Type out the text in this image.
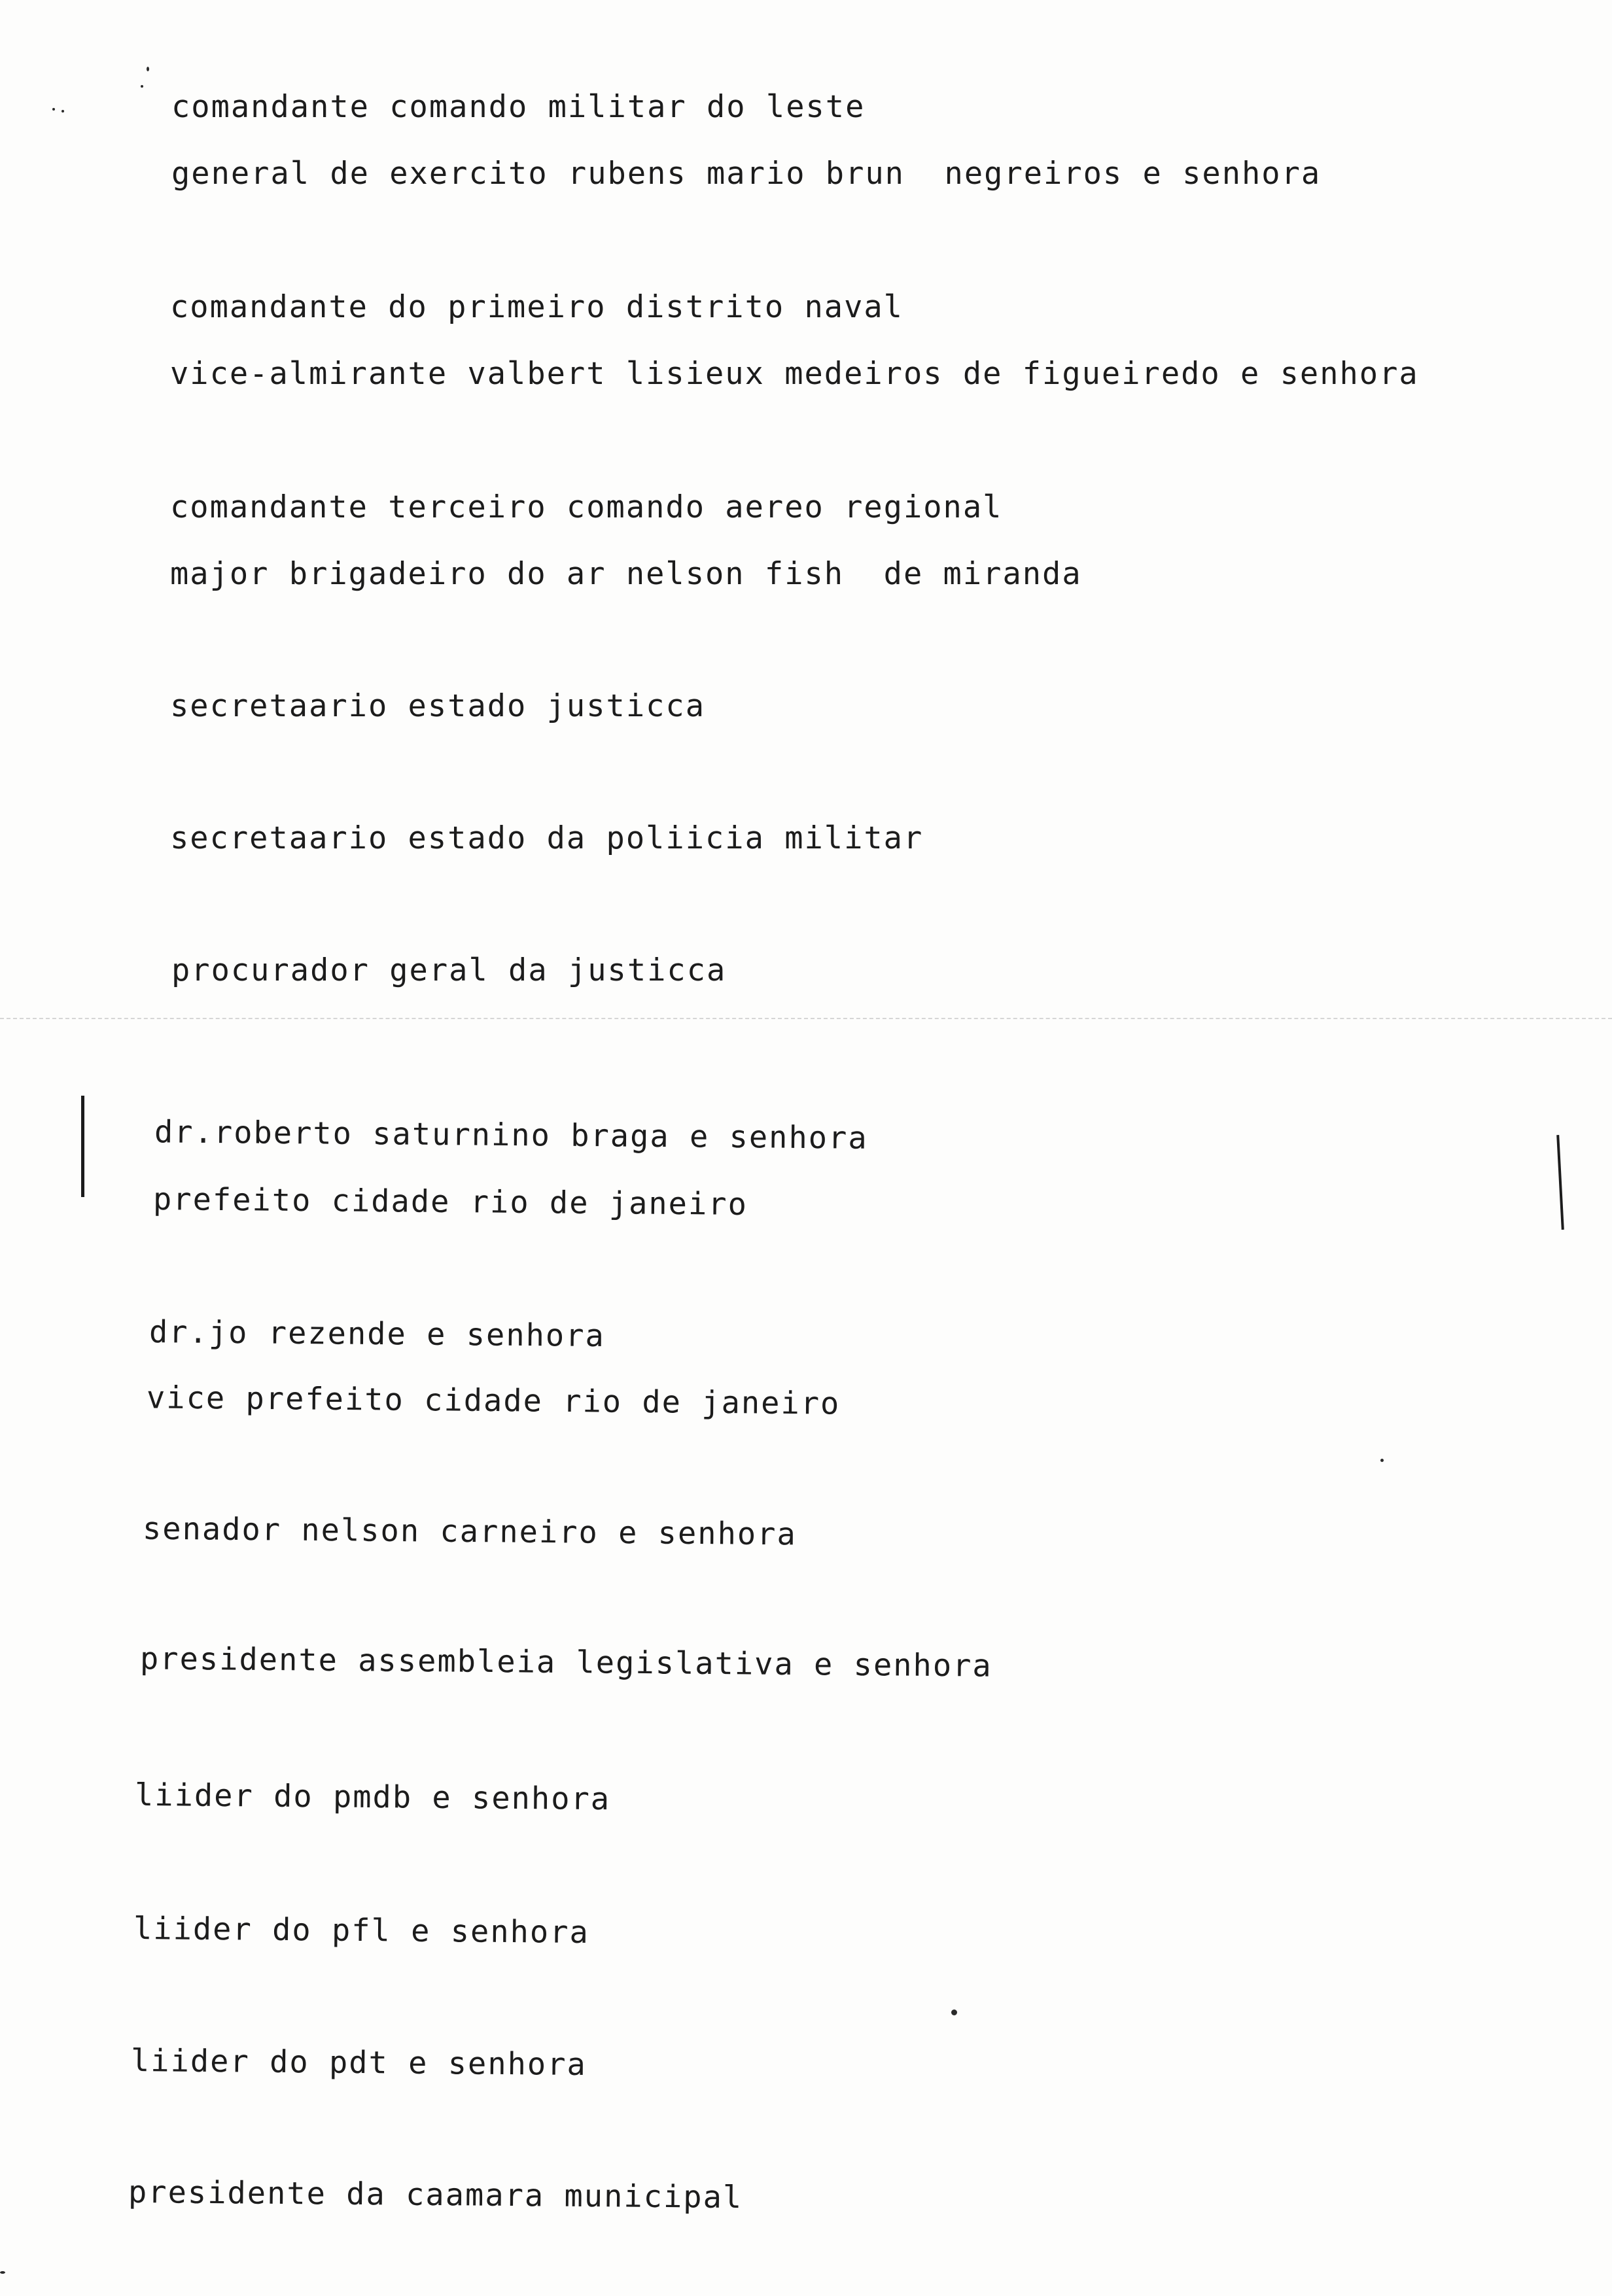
comandante comando militar do leste
general de exercito rubens mario brun  negreiros e senhora
comandante do primeiro distrito naval
vice-almirante valbert lisieux medeiros de figueiredo e senhora
comandante terceiro comando aereo regional
major brigadeiro do ar nelson fish  de miranda
secretaario estado justicca
secretaario estado da poliicia militar
procurador geral da justicca
dr.roberto saturnino braga e senhora
prefeito cidade rio de janeiro
dr.jo rezende e senhora
vice prefeito cidade rio de janeiro
senador nelson carneiro e senhora
presidente assembleia legislativa e senhora
liider do pmdb e senhora
liider do pfl e senhora
liider do pdt e senhora
presidente da caamara municipal
